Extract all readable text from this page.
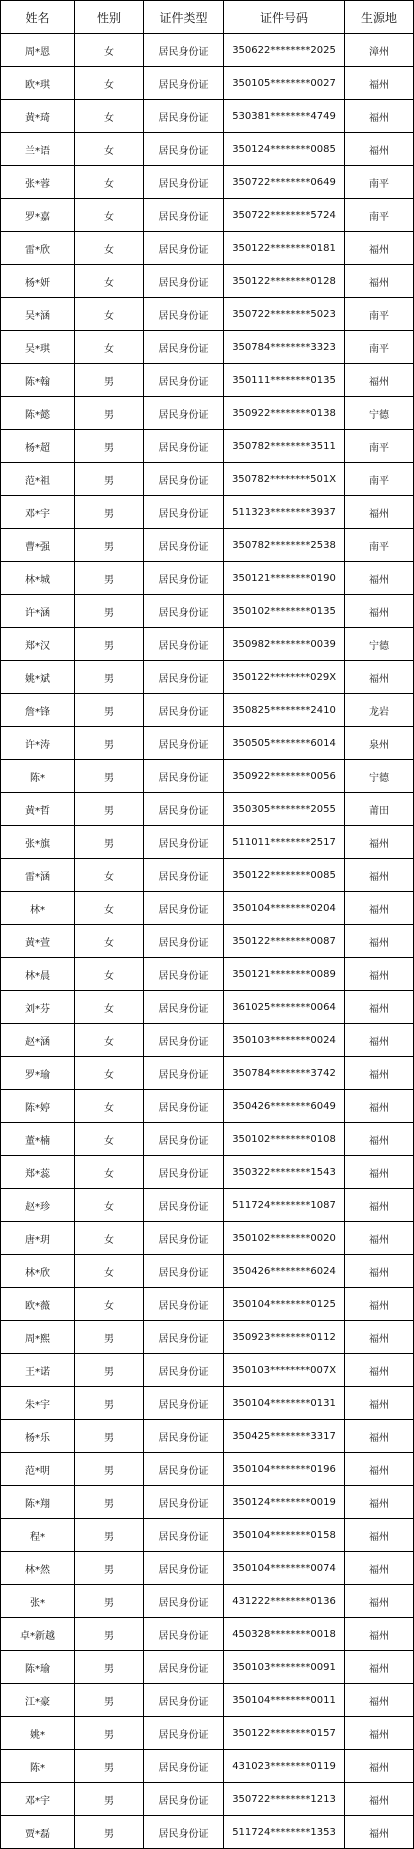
姓名	性别	证件类型	证件号码	生源地
周*恩	女	居民身份证	350622********2025	漳州
欧*琪	女	居民身份证	350105********0027	福州
黄*琦	女	居民身份证	530381********4749	福州
兰*语	女	居民身份证	350124********0085	福州
张*蓉	女	居民身份证	350722********0649	南平
罗*嘉	女	居民身份证	350722********5724	南平
雷*欣	女	居民身份证	350122********0181	福州
杨*妍	女	居民身份证	350122********0128	福州
吴*涵	女	居民身份证	350722********5023	南平
吴*琪	女	居民身份证	350784********3323	南平
陈*翰	男	居民身份证	350111********0135	福州
陈*懿	男	居民身份证	350922********0138	宁德
杨*超	男	居民身份证	350782********3511	南平
范*祖	男	居民身份证	350782********501X	南平
邓*宇	男	居民身份证	511323********3937	福州
曹*强	男	居民身份证	350782********2538	南平
林*城	男	居民身份证	350121********0190	福州
许*涵	男	居民身份证	350102********0135	福州
郑*汉	男	居民身份证	350982********0039	宁德
姚*斌	男	居民身份证	350122********029X	福州
詹*锋	男	居民身份证	350825********2410	龙岩
许*涛	男	居民身份证	350505********6014	泉州
陈*	男	居民身份证	350922********0056	宁德
黄*哲	男	居民身份证	350305********2055	莆田
张*旗	男	居民身份证	511011********2517	福州
雷*涵	女	居民身份证	350122********0085	福州
林*	女	居民身份证	350104********0204	福州
黄*萱	女	居民身份证	350122********0087	福州
林*晨	女	居民身份证	350121********0089	福州
刘*芬	女	居民身份证	361025********0064	福州
赵*涵	女	居民身份证	350103********0024	福州
罗*瑜	女	居民身份证	350784********3742	福州
陈*婷	女	居民身份证	350426********6049	福州
董*楠	女	居民身份证	350102********0108	福州
郑*蕊	女	居民身份证	350322********1543	福州
赵*珍	女	居民身份证	511724********1087	福州
唐*玥	女	居民身份证	350102********0020	福州
林*欣	女	居民身份证	350426********6024	福州
欧*薇	女	居民身份证	350104********0125	福州
周*熙	男	居民身份证	350923********0112	福州
王*诺	男	居民身份证	350103********007X	福州
朱*宇	男	居民身份证	350104********0131	福州
杨*乐	男	居民身份证	350425********3317	福州
范*明	男	居民身份证	350104********0196	福州
陈*翔	男	居民身份证	350124********0019	福州
程*	男	居民身份证	350104********0158	福州
林*然	男	居民身份证	350104********0074	福州
张*	男	居民身份证	431222********0136	福州
卓*新越	男	居民身份证	450328********0018	福州
陈*瑜	男	居民身份证	350103********0091	福州
江*豪	男	居民身份证	350104********0011	福州
姚*	男	居民身份证	350122********0157	福州
陈*	男	居民身份证	431023********0119	福州
邓*宇	男	居民身份证	350722********1213	福州
贾*磊	男	居民身份证	511724********1353	福州
